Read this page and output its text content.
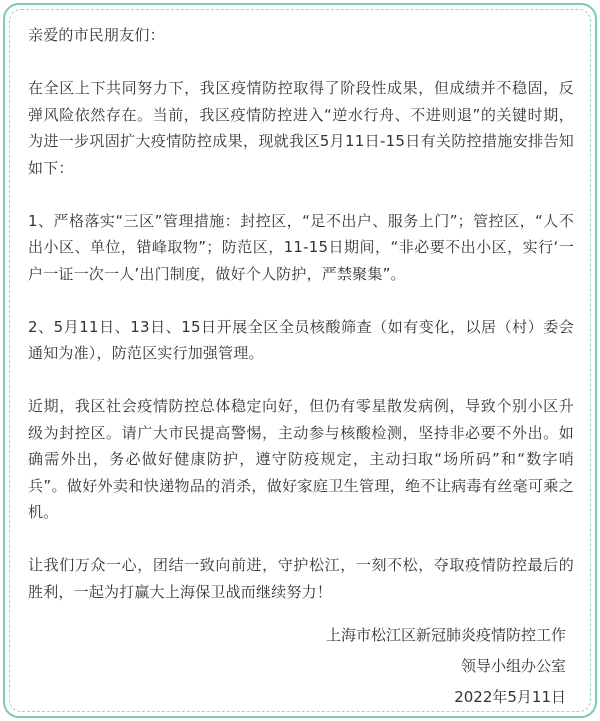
亲爱的市民朋友们：

在全区上下共同努力下，我区疫情防控取得了阶段性成果，但成绩并不稳固，反弹风险依然存在。当前，我区疫情防控进入“逆水行舟、不进则退”的关键时期，为进一步巩固扩大疫情防控成果，现就我区5月11日-15日有关防控措施安排告知如下：

1、严格落实“三区”管理措施：封控区，“足不出户、服务上门”；管控区，“人不出小区、单位，错峰取物”；防范区，11-15日期间，“非必要不出小区，实行‘一户一证一次一人’出门制度，做好个人防护，严禁聚集”。

2、5月11日、13日、15日开展全区全员核酸筛查（如有变化，以居（村）委会通知为准），防范区实行加强管理。

近期，我区社会疫情防控总体稳定向好，但仍有零星散发病例，导致个别小区升级为封控区。请广大市民提高警惕，主动参与核酸检测，坚持非必要不外出。如确需外出，务必做好健康防护，遵守防疫规定，主动扫取“场所码”和“数字哨兵”。做好外卖和快递物品的消杀，做好家庭卫生管理，绝不让病毒有丝毫可乘之机。

让我们万众一心，团结一致向前进，守护松江，一刻不松，夺取疫情防控最后的胜利，一起为打赢大上海保卫战而继续努力！

上海市松江区新冠肺炎疫情防控工作
领导小组办公室
2022年5月11日
